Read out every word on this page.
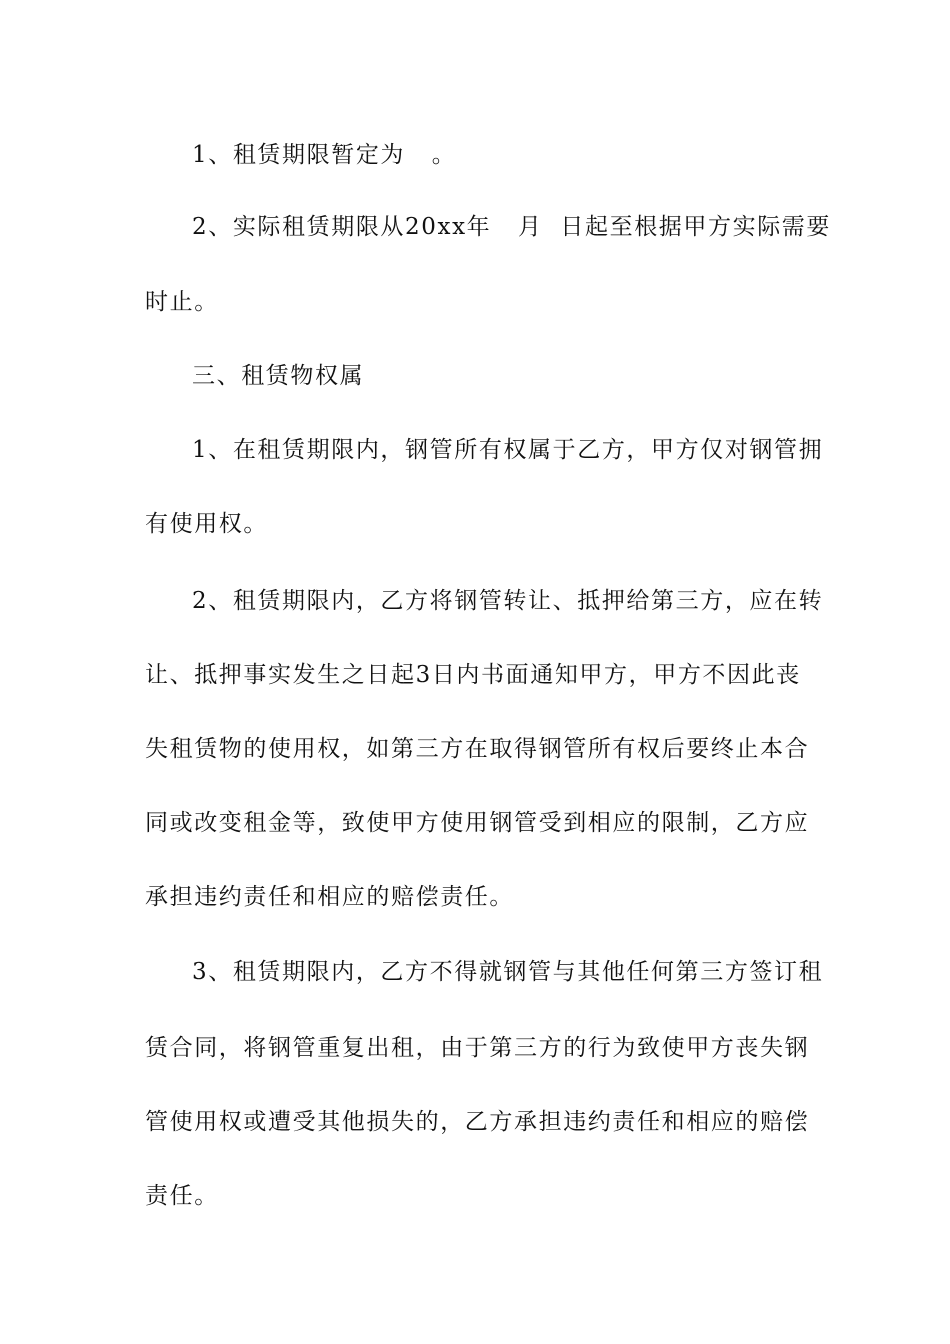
1、租赁期限暂定为   。
2、实际租赁期限从20xx年   月  日起至根据甲方实际需要
时止。
三、租赁物权属
1、在租赁期限内，钢管所有权属于乙方，甲方仅对钢管拥
有使用权。
2、租赁期限内，乙方将钢管转让、抵押给第三方，应在转
让、抵押事实发生之日起3日内书面通知甲方，甲方不因此丧
失租赁物的使用权，如第三方在取得钢管所有权后要终止本合
同或改变租金等，致使甲方使用钢管受到相应的限制，乙方应
承担违约责任和相应的赔偿责任。
3、租赁期限内，乙方不得就钢管与其他任何第三方签订租
赁合同，将钢管重复出租，由于第三方的行为致使甲方丧失钢
管使用权或遭受其他损失的，乙方承担违约责任和相应的赔偿
责任。
